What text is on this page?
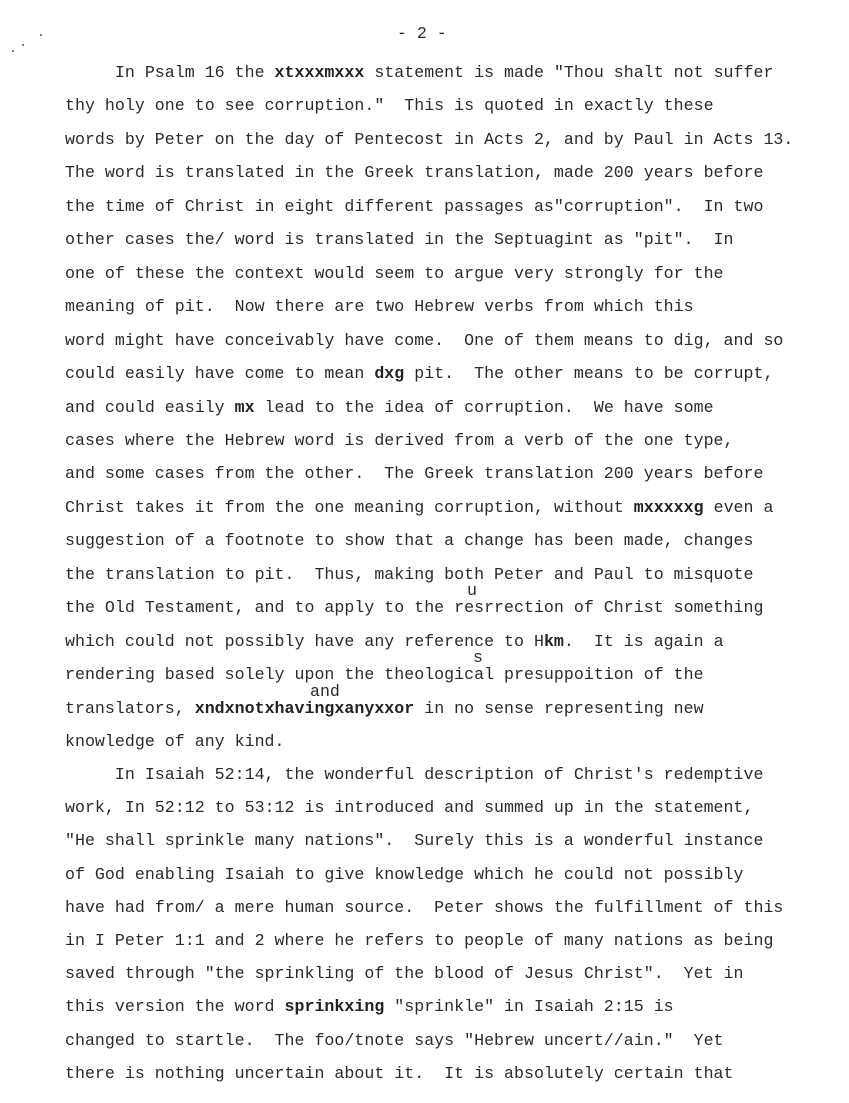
- 2 -
In Psalm 16 the xtxxxmxxx statement is made "Thou shalt not suffer
thy holy one to see corruption."  This is quoted in exactly these
words by Peter on the day of Pentecost in Acts 2, and by Paul in Acts 13.
The word is translated in the Greek translation, made 200 years before
the time of Christ in eight different passages as"corruption".  In two
other cases the/ word is translated in the Septuagint as "pit".  In
one of these the context would seem to argue very strongly for the
meaning of pit.  Now there are two Hebrew verbs from which this
word might have conceivably have come.  One of them means to dig, and so
could easily have come to mean dxg pit.  The other means to be corrupt,
and could easily mx lead to the idea of corruption.  We have some
cases where the Hebrew word is derived from a verb of the one type,
and some cases from the other.  The Greek translation 200 years before
Christ takes it from the one meaning corruption, without mxxxxxg even a
suggestion of a footnote to show that a change has been made, changes
the translation to pit.  Thus, making both Peter and Paul to misquote
the Old Testament, and to apply to the resrrection of Christ something
which could not possibly have any reference to Hkm.  It is again a
rendering based solely upon the theological presuppoition of the
translators, xndxnotxhavingxanyxxor in no sense representing new
knowledge of any kind.
In Isaiah 52:14, the wonderful description of Christ's redemptive
work, In 52:12 to 53:12 is introduced and summed up in the statement,
"He shall sprinkle many nations".  Surely this is a wonderful instance
of God enabling Isaiah to give knowledge which he could not possibly
have had from/ a mere human source.  Peter shows the fulfillment of this
in I Peter 1:1 and 2 where he refers to people of many nations as being
saved through "the sprinkling of the blood of Jesus Christ".  Yet in
this version the word sprinkxing "sprinkle" in Isaiah 2:15 is
changed to startle.  The foo/tnote says "Hebrew uncert//ain."  Yet
there is nothing uncertain about it.  It is absolutely certain that
u
s
and
